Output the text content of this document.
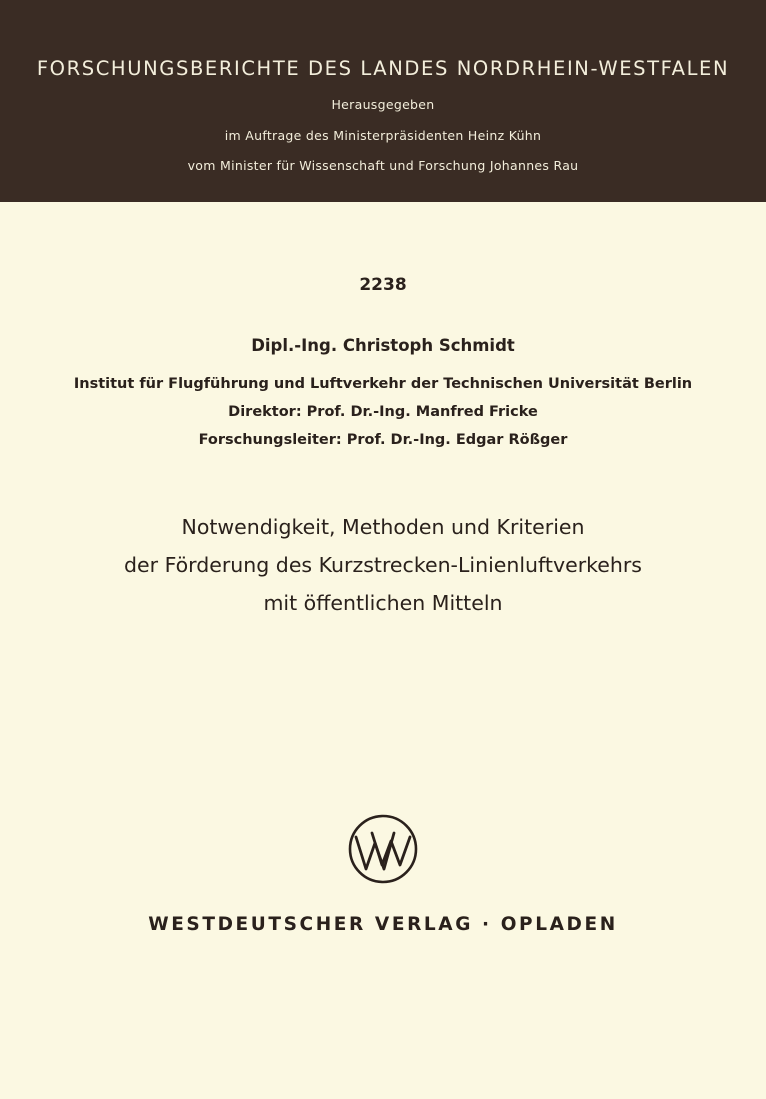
FORSCHUNGSBERICHTE DES LANDES NORDRHEIN-WESTFALEN
Herausgegeben
im Auftrage des Ministerpräsidenten Heinz Kühn
vom Minister für Wissenschaft und Forschung Johannes Rau
2238
Dipl.-Ing. Christoph Schmidt
Institut für Flugführung und Luftverkehr der Technischen Universität Berlin
Direktor: Prof. Dr.-Ing. Manfred Fricke
Forschungsleiter: Prof. Dr.-Ing. Edgar Rößger
Notwendigkeit, Methoden und Kriterien
der Förderung des Kurzstrecken-Linienluftverkehrs
mit öffentlichen Mitteln
WESTDEUTSCHER VERLAG · OPLADEN
